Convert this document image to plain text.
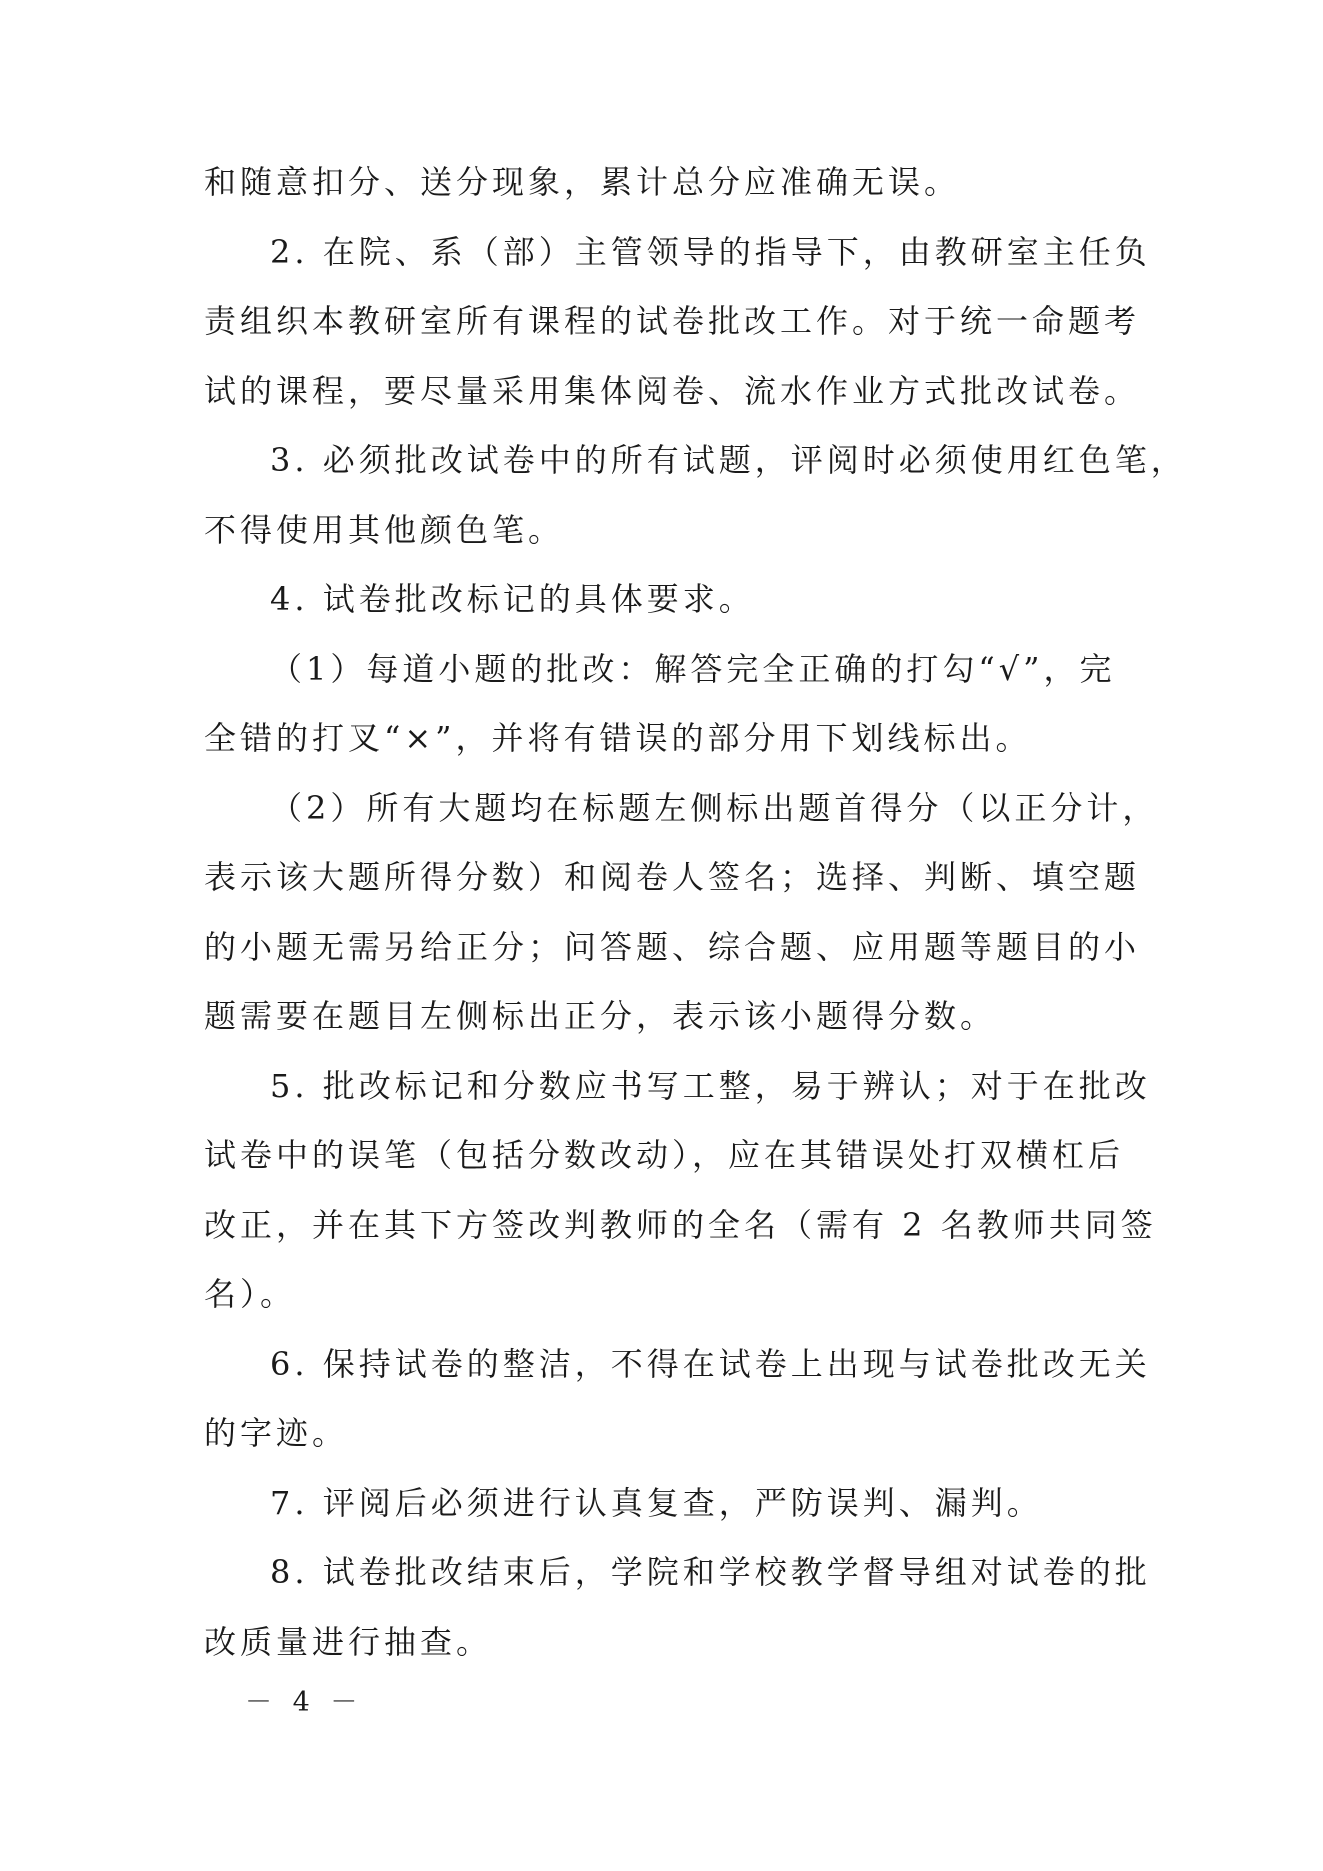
和随意扣分、送分现象，累计总分应准确无误。
2. 在院、系（部）主管领导的指导下，由教研室主任负
责组织本教研室所有课程的试卷批改工作。对于统一命题考
试的课程，要尽量采用集体阅卷、流水作业方式批改试卷。
3. 必须批改试卷中的所有试题，评阅时必须使用红色笔，
不得使用其他颜色笔。
4. 试卷批改标记的具体要求。
（1）每道小题的批改：解答完全正确的打勾“√”，完
全错的打叉“×”，并将有错误的部分用下划线标出。
（2）所有大题均在标题左侧标出题首得分（以正分计，
表示该大题所得分数）和阅卷人签名；选择、判断、填空题
的小题无需另给正分；问答题、综合题、应用题等题目的小
题需要在题目左侧标出正分，表示该小题得分数。
5. 批改标记和分数应书写工整，易于辨认；对于在批改
试卷中的误笔（包括分数改动），应在其错误处打双横杠后
改正，并在其下方签改判教师的全名（需有 2 名教师共同签
名）。
6. 保持试卷的整洁，不得在试卷上出现与试卷批改无关
的字迹。
7. 评阅后必须进行认真复查，严防误判、漏判。
8. 试卷批改结束后，学院和学校教学督导组对试卷的批
改质量进行抽查。
－ 4 －
